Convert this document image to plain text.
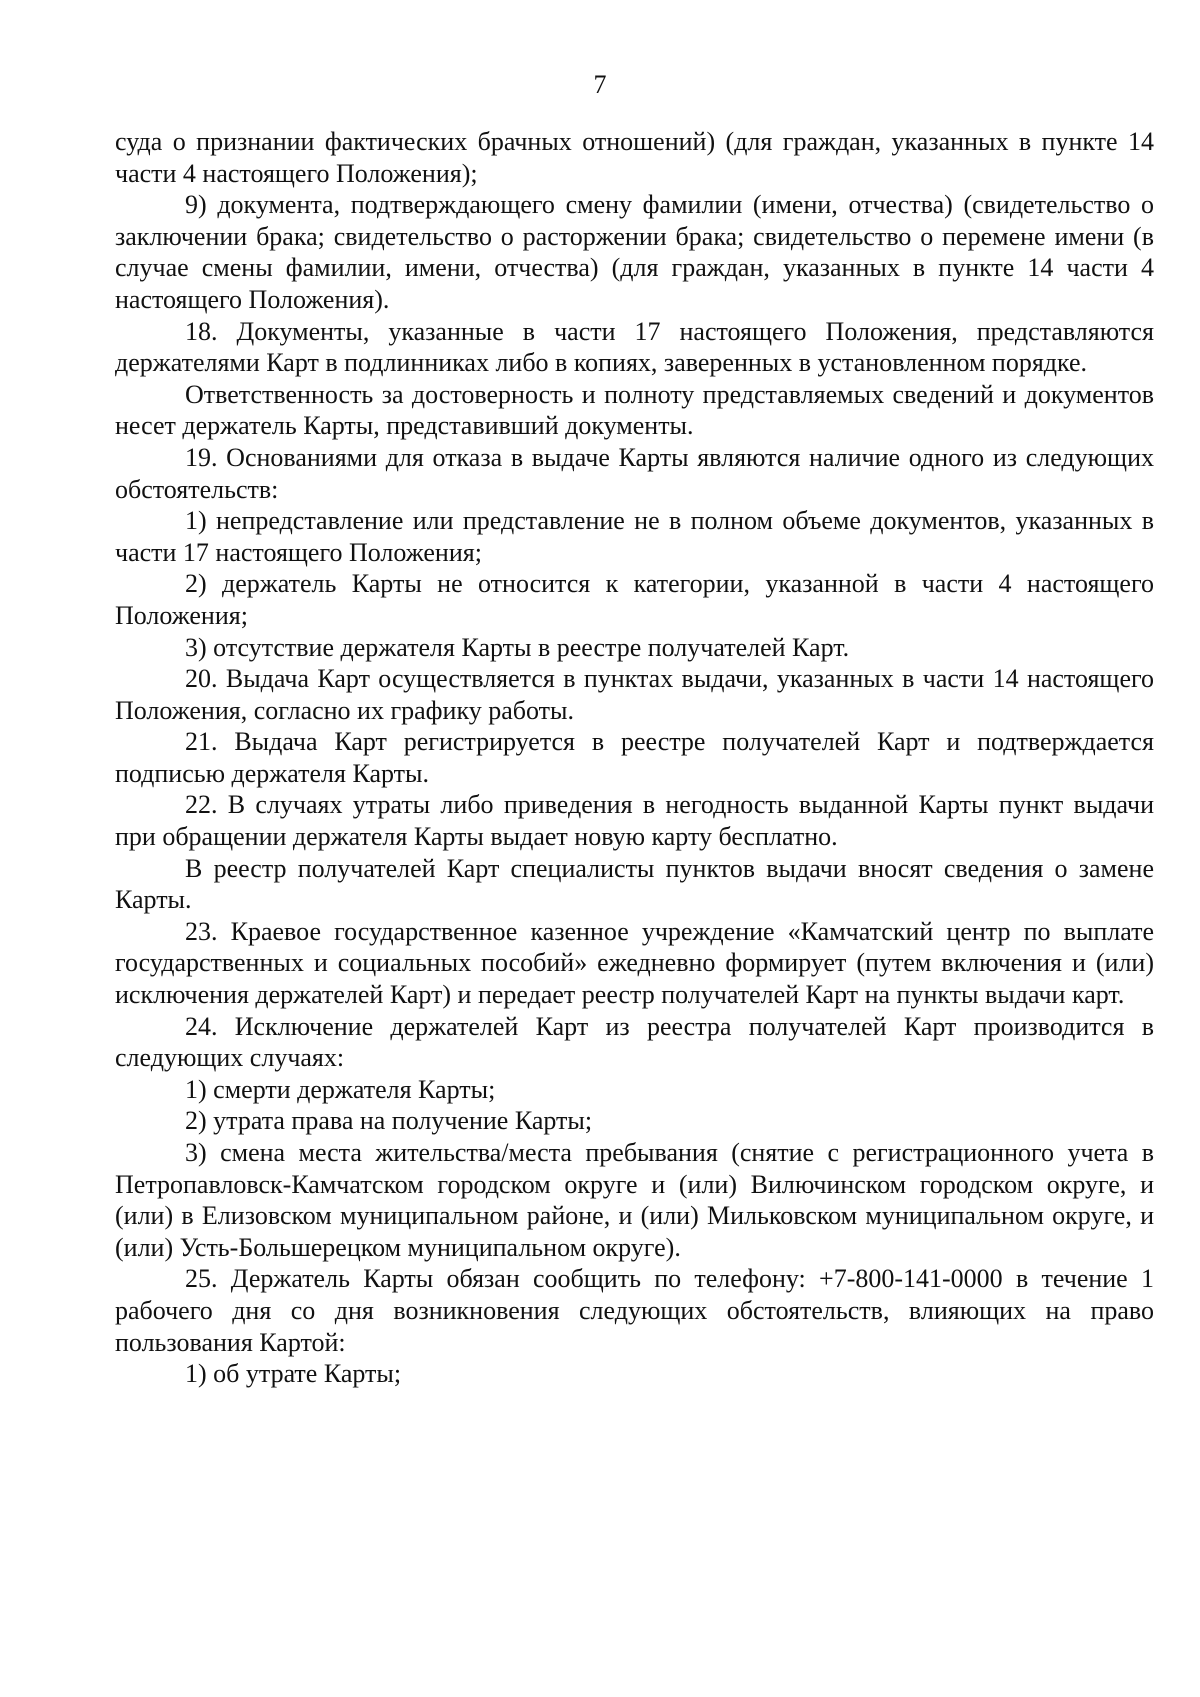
7

суда о признании фактических брачных отношений) (для граждан, указанных в пункте 14 части 4 настоящего Положения);

9) документа, подтверждающего смену фамилии (имени, отчества) (свидетельство о заключении брака; свидетельство о расторжении брака; свидетельство о перемене имени (в случае смены фамилии, имени, отчества) (для граждан, указанных в пункте 14 части 4 настоящего Положения).

18. Документы, указанные в части 17 настоящего Положения, представляются держателями Карт в подлинниках либо в копиях, заверенных в установленном порядке.

Ответственность за достоверность и полноту представляемых сведений и документов несет держатель Карты, представивший документы.

19. Основаниями для отказа в выдаче Карты являются наличие одного из следующих обстоятельств:

1) непредставление или представление не в полном объеме документов, указанных в части 17 настоящего Положения;

2) держатель Карты не относится к категории, указанной в части 4 настоящего Положения;

3) отсутствие держателя Карты в реестре получателей Карт.

20. Выдача Карт осуществляется в пунктах выдачи, указанных в части 14 настоящего Положения, согласно их графику работы.

21. Выдача Карт регистрируется в реестре получателей Карт и подтверждается подписью держателя Карты.

22. В случаях утраты либо приведения в негодность выданной Карты пункт выдачи при обращении держателя Карты выдает новую карту бесплатно.

В реестр получателей Карт специалисты пунктов выдачи вносят сведения о замене Карты.

23. Краевое государственное казенное учреждение «Камчатский центр по выплате государственных и социальных пособий» ежедневно формирует (путем включения и (или) исключения держателей Карт) и передает реестр получателей Карт на пункты выдачи карт.

24. Исключение держателей Карт из реестра получателей Карт производится в следующих случаях:

1) смерти держателя Карты;

2) утрата права на получение Карты;

3) смена места жительства/места пребывания (снятие с регистрационного учета в Петропавловск-Камчатском городском округе и (или) Вилючинском городском округе, и (или) в Елизовском муниципальном районе, и (или) Мильковском муниципальном округе, и (или) Усть-Большерецком муниципальном округе).

25. Держатель Карты обязан сообщить по телефону: +7-800-141-0000 в течение 1 рабочего дня со дня возникновения следующих обстоятельств, влияющих на право пользования Картой:

1) об утрате Карты;
